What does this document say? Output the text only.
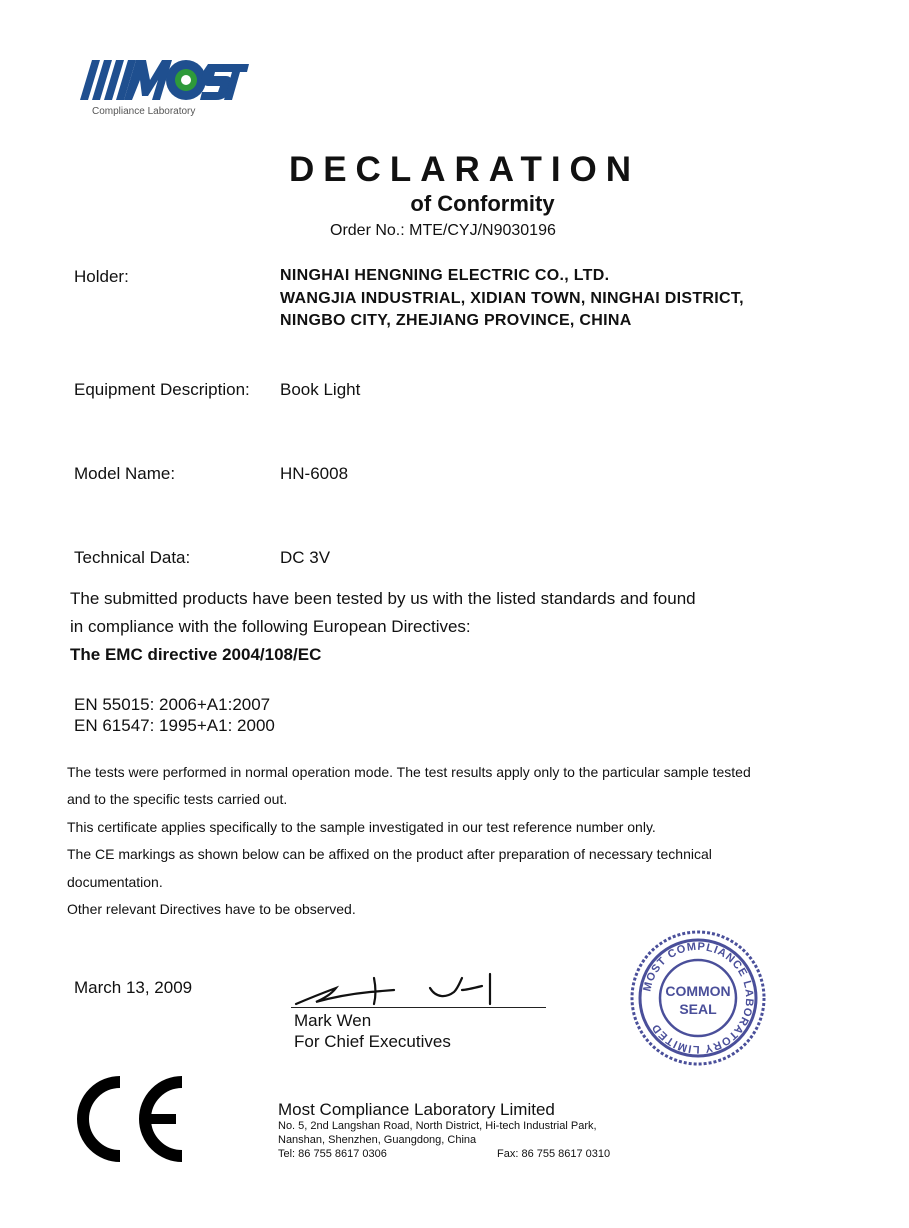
Compliance Laboratory
DECLARATION
of Conformity
Order No.: MTE/CYJ/N9030196
Holder:	NINGHAI HENGNING ELECTRIC CO., LTD.
WANGJIA INDUSTRIAL, XIDIAN TOWN, NINGHAI DISTRICT,
NINGBO CITY, ZHEJIANG PROVINCE, CHINA
Equipment Description: Book Light
Model Name:	HN-6008
Technical Data:	DC 3V
The submitted products have been tested by us with the listed standards and found
in compliance with the following European Directives:
The EMC directive 2004/108/EC
EN 55015: 2006+A1:2007
EN 61547: 1995+A1: 2000
The tests were performed in normal operation mode. The test results apply only to the particular sample tested
and to the specific tests carried out.
This certificate applies specifically to the sample investigated in our test reference number only.
The CE markings as shown below can be affixed on the product after preparation of necessary technical
documentation.
Other relevant Directives have to be observed.
March 13, 2009
Mark Wen
For Chief Executives
MOST COMPLIANCE LABORATORY LIMITED
COMMON
SEAL
Most Compliance Laboratory Limited
No. 5, 2nd Langshan Road, North District, Hi-tech Industrial Park,
Nanshan, Shenzhen, Guangdong, China
Tel: 86 755 8617 0306	Fax: 86 755 8617 0310
